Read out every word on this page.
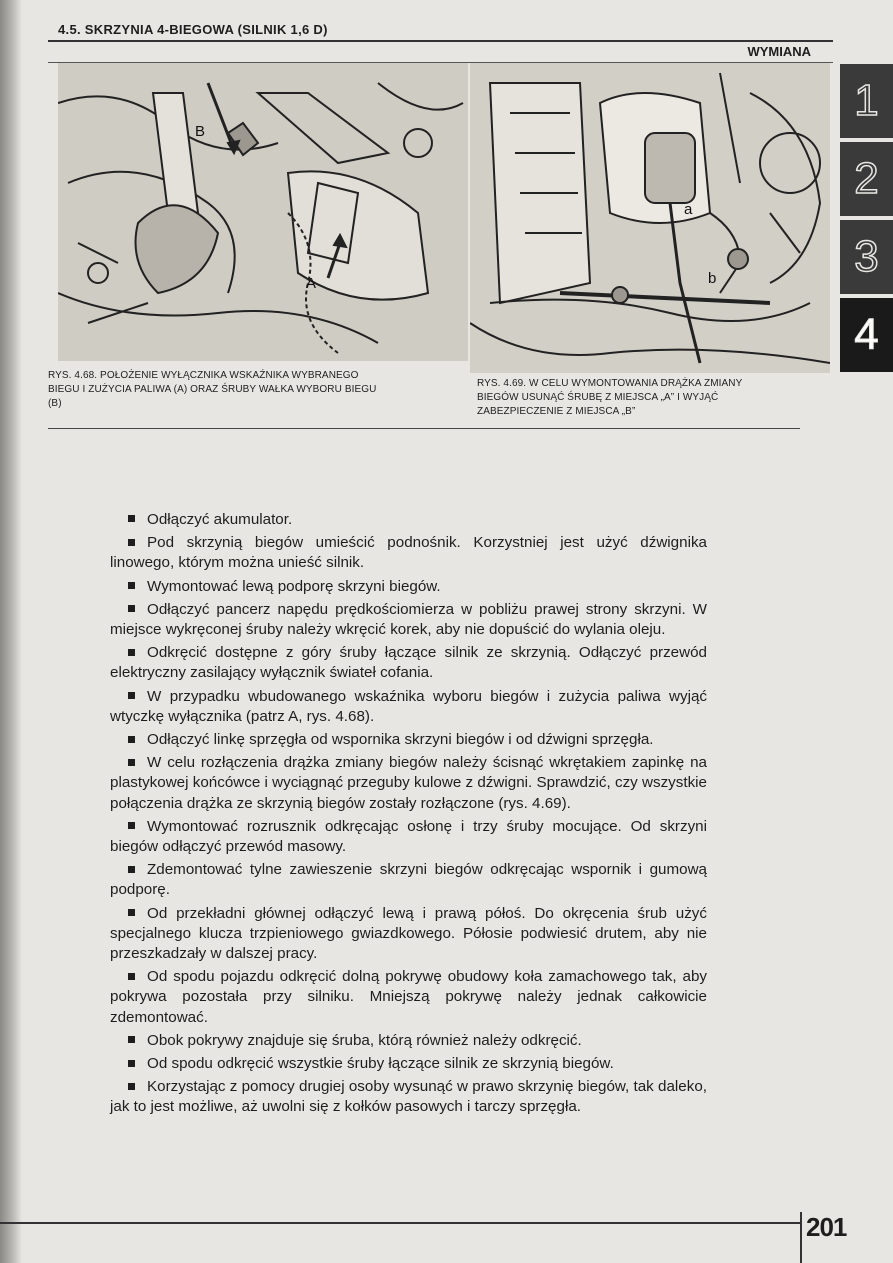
4.5. SKRZYNIA 4-BIEGOWA (SILNIK 1,6 D)
WYMIANA
B
A
a
b
RYS. 4.68. POŁOŻENIE WYŁĄCZNIKA WSKAŹNIKA WYBRANEGO BIEGU I ZUŻYCIA PALIWA (A) ORAZ ŚRUBY WAŁKA WYBORU BIEGU (B)
RYS. 4.69. W CELU WYMONTOWANIA DRĄŻKA ZMIANY BIEGÓW USUNĄĆ ŚRUBĘ Z MIEJSCA „A” I WYJĄĆ ZABEZPIECZENIE Z MIEJSCA „B”
1
2
3
4

Odłączyć akumulator.

Pod skrzynią biegów umieścić podnośnik. Korzystniej jest użyć dźwignika linowego, którym można unieść silnik.

Wymontować lewą podporę skrzyni biegów.

Odłączyć pancerz napędu prędkościomierza w pobliżu prawej strony skrzyni. W miejsce wykręconej śruby należy wkręcić korek, aby nie dopuścić do wylania oleju.

Odkręcić dostępne z góry śruby łączące silnik ze skrzynią. Odłączyć przewód elektryczny zasilający wyłącznik świateł cofania.

W przypadku wbudowanego wskaźnika wyboru biegów i zużycia paliwa wyjąć wtyczkę wyłącznika (patrz A, rys. 4.68).

Odłączyć linkę sprzęgła od wspornika skrzyni biegów i od dźwigni sprzęgła.

W celu rozłączenia drążka zmiany biegów należy ścisnąć wkrętakiem zapinkę na plastykowej końcówce i wyciągnąć przeguby kulowe z dźwigni. Sprawdzić, czy wszystkie połączenia drążka ze skrzynią biegów zostały rozłączone (rys. 4.69).

Wymontować rozrusznik odkręcając osłonę i trzy śruby mocujące. Od skrzyni biegów odłączyć przewód masowy.

Zdemontować tylne zawieszenie skrzyni biegów odkręcając wspornik i gumową podporę.

Od przekładni głównej odłączyć lewą i prawą półoś. Do okręcenia śrub użyć specjalnego klucza trzpieniowego gwiazdkowego. Półosie podwiesić drutem, aby nie przeszkadzały w dalszej pracy.

Od spodu pojazdu odkręcić dolną pokrywę obudowy koła zamachowego tak, aby pokrywa pozostała przy silniku. Mniejszą pokrywę należy jednak całkowicie zdemontować.

Obok pokrywy znajduje się śruba, którą również należy odkręcić.

Od spodu odkręcić wszystkie śruby łączące silnik ze skrzynią biegów.

Korzystając z pomocy drugiej osoby wysunąć w prawo skrzynię biegów, tak daleko, jak to jest możliwe, aż uwolni się z kołków pasowych i tarczy sprzęgła.

201
